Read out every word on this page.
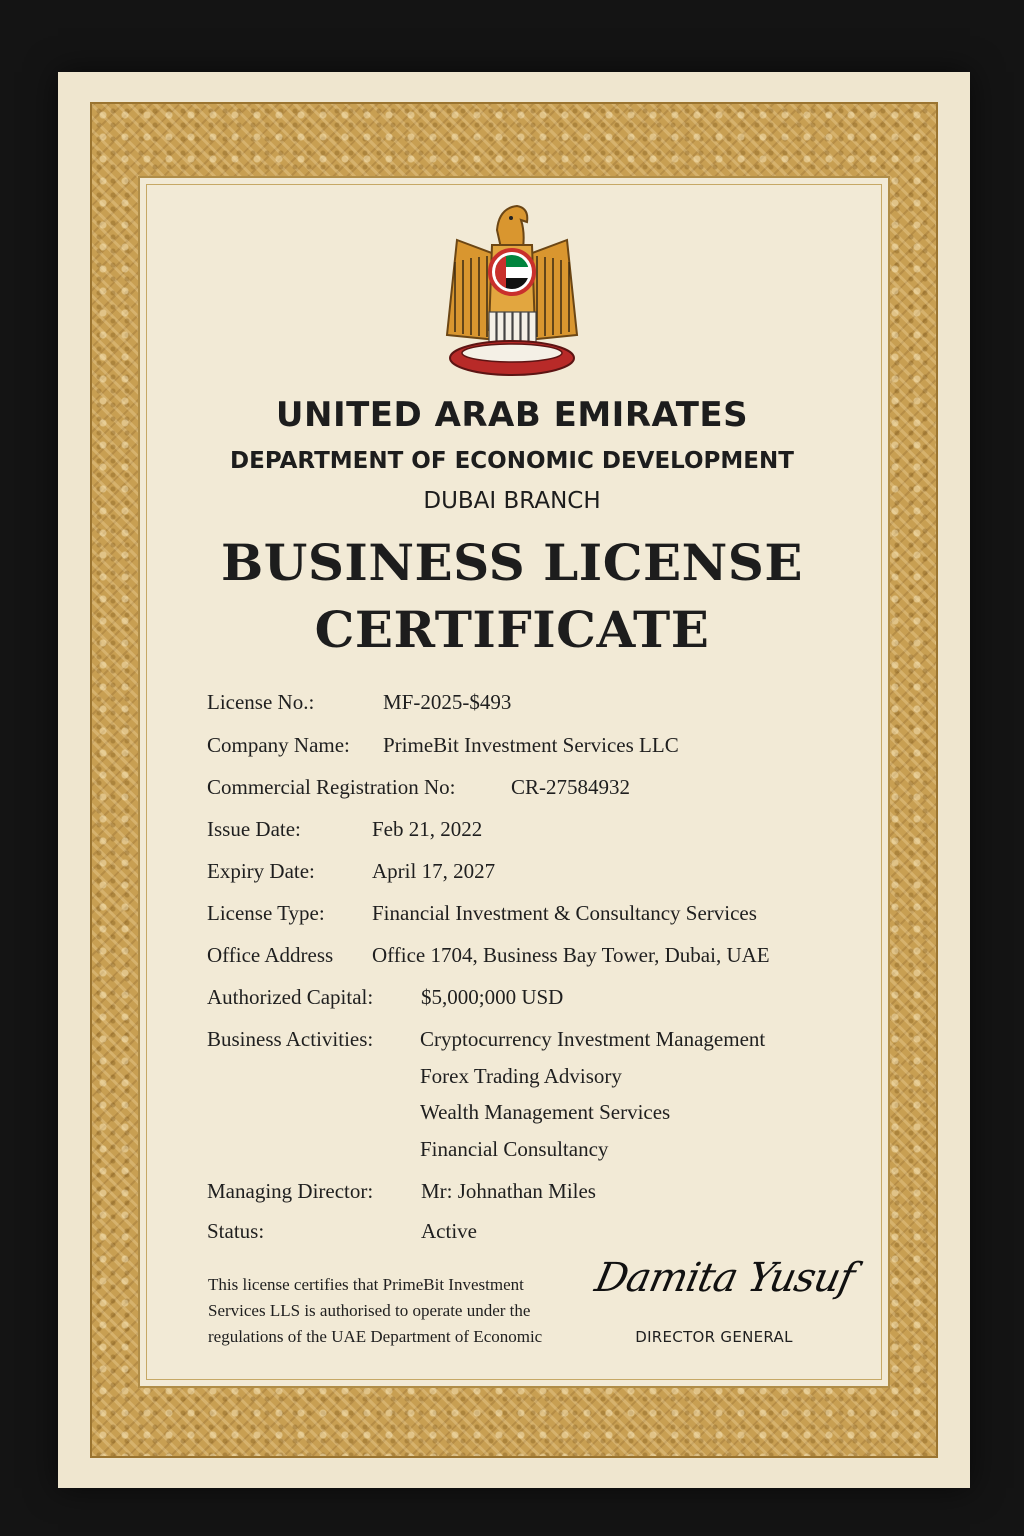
UNITED ARAB EMIRATES
DEPARTMENT OF ECONOMIC DEVELOPMENT
DUBAI BRANCH
BUSINESS LICENSE
CERTIFICATE
License No.:	MF-2025-$493
Company Name: PrimeBit Investment Services LLC
Commercial Registration No:	CR-27584932
Issue Date:	Feb 21, 2022
Expiry Date:	April 17, 2027
License Type: Financial Investment & Consultancy Services
Office Address Office 1704, Business Bay Tower, Dubai, UAE
Authorized Capital: $5,000;000 USD
Business Activities: Cryptocurrency Investment Management
Forex Trading Advisory
Wealth Management Services
Financial Consultancy
Managing Director: Mr: Johnathan Miles
Status:	Active
This license certifies that PrimeBit Investment
Services LLS is authorised to operate under the
regulations of the UAE Department of Economic
Damita Yusuf
DIRECTOR GENERAL
